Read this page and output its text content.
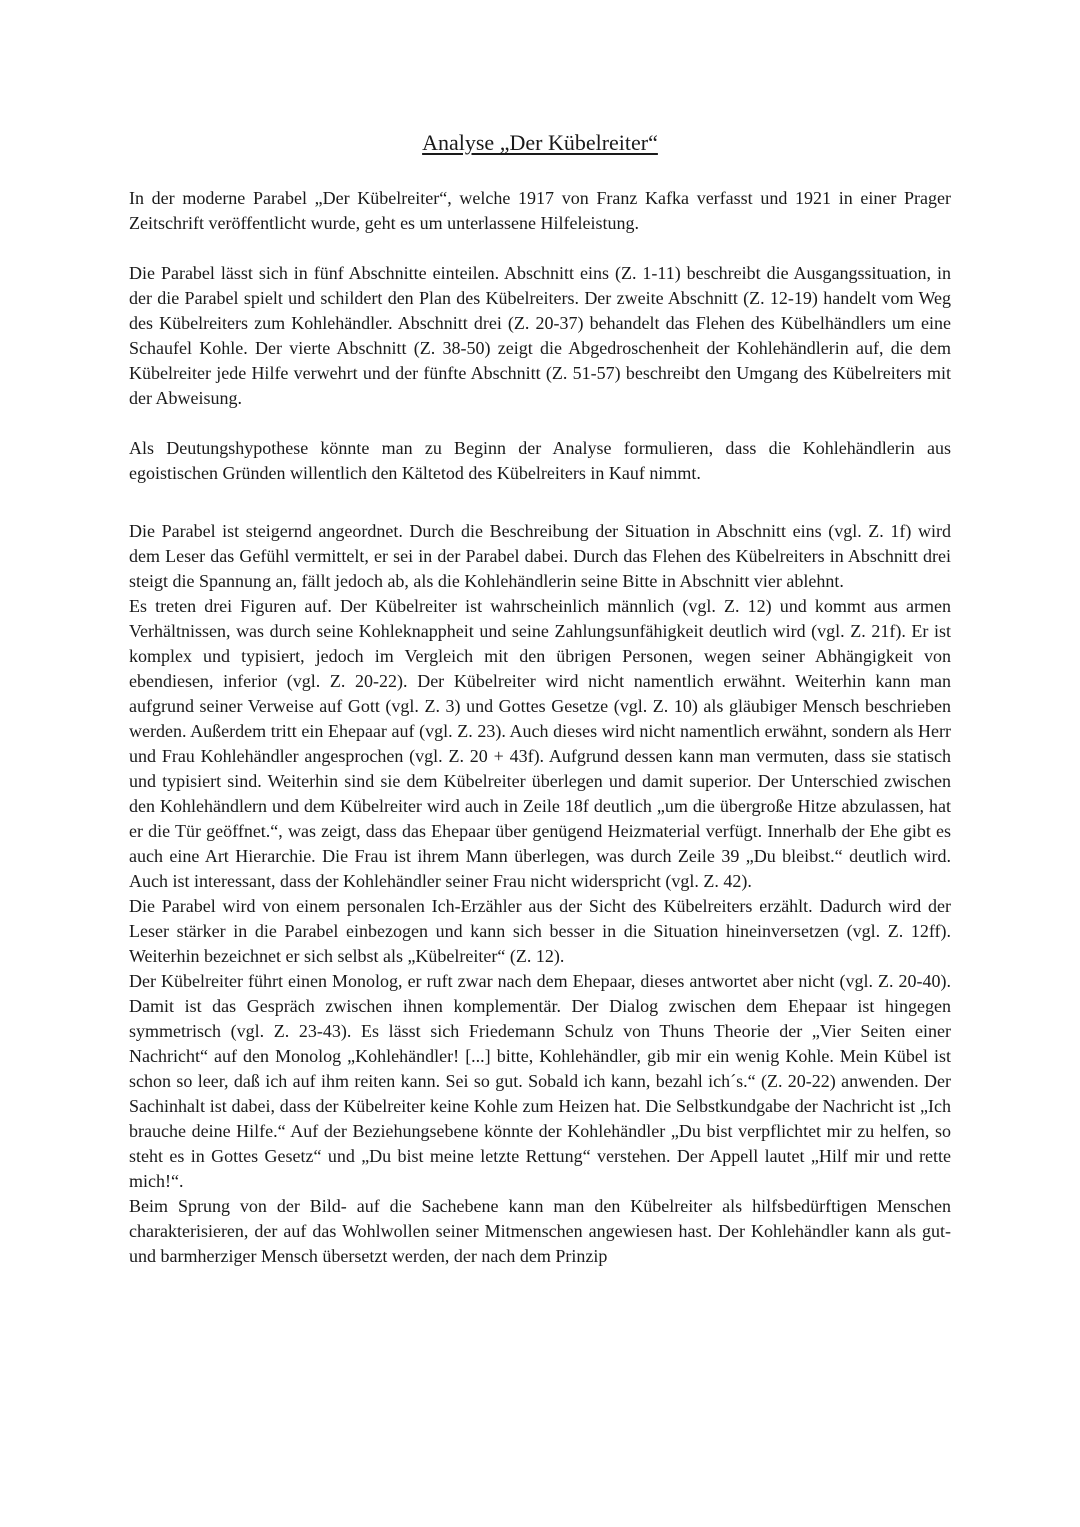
Analyse „Der Kübelreiter“

In der moderne Parabel „Der Kübelreiter“, welche 1917 von Franz Kafka verfasst und 1921 in einer Prager Zeitschrift veröffentlicht wurde, geht es um unterlassene Hilfeleistung.

Die Parabel lässt sich in fünf Abschnitte einteilen. Abschnitt eins (Z. 1-11) beschreibt die Ausgangssituation, in der die Parabel spielt und schildert den Plan des Kübelreiters. Der zweite Abschnitt (Z. 12-19) handelt vom Weg des Kübelreiters zum Kohlehändler. Abschnitt drei (Z. 20-37) behandelt das Flehen des Kübelhändlers um eine Schaufel Kohle. Der vierte Abschnitt (Z. 38-50) zeigt die Abgedroschenheit der Kohlehändlerin auf, die dem Kübelreiter jede Hilfe verwehrt und der fünfte Abschnitt (Z. 51-57) beschreibt den Umgang des Kübelreiters mit der Abweisung.

Als Deutungshypothese könnte man zu Beginn der Analyse formulieren, dass die Kohlehändlerin aus egoistischen Gründen willentlich den Kältetod des Kübelreiters in Kauf nimmt.

Die Parabel ist steigernd angeordnet. Durch die Beschreibung der Situation in Abschnitt eins (vgl. Z. 1f) wird dem Leser das Gefühl vermittelt, er sei in der Parabel dabei. Durch das Flehen des Kübelreiters in Abschnitt drei steigt die Spannung an, fällt jedoch ab, als die Kohlehändlerin seine Bitte in Abschnitt vier ablehnt.

Es treten drei Figuren auf. Der Kübelreiter ist wahrscheinlich männlich (vgl. Z. 12) und kommt aus armen Verhältnissen, was durch seine Kohleknappheit und seine Zahlungsunfähigkeit deutlich wird (vgl. Z. 21f). Er ist komplex und typisiert, jedoch im Vergleich mit den übrigen Personen, wegen seiner Abhängigkeit von ebendiesen, inferior (vgl. Z. 20-22). Der Kübelreiter wird nicht namentlich erwähnt. Weiterhin kann man aufgrund seiner Verweise auf Gott (vgl. Z. 3) und Gottes Gesetze (vgl. Z. 10) als gläubiger Mensch beschrieben werden. Außerdem tritt ein Ehepaar auf (vgl. Z. 23). Auch dieses wird nicht namentlich erwähnt, sondern als Herr und Frau Kohlehändler angesprochen (vgl. Z. 20 + 43f). Aufgrund dessen kann man vermuten, dass sie statisch und typisiert sind. Weiterhin sind sie dem Kübelreiter überlegen und damit superior. Der Unterschied zwischen den Kohlehändlern und dem Kübelreiter wird auch in Zeile 18f deutlich „um die übergroße Hitze abzulassen, hat er die Tür geöffnet.“, was zeigt, dass das Ehepaar über genügend Heizmaterial verfügt. Innerhalb der Ehe gibt es auch eine Art Hierarchie. Die Frau ist ihrem Mann überlegen, was durch Zeile 39 „Du bleibst.“ deutlich wird. Auch ist interessant, dass der Kohlehändler seiner Frau nicht widerspricht (vgl. Z. 42).

Die Parabel wird von einem personalen Ich-Erzähler aus der Sicht des Kübelreiters erzählt. Dadurch wird der Leser stärker in die Parabel einbezogen und kann sich besser in die Situation hineinversetzen (vgl. Z. 12ff). Weiterhin bezeichnet er sich selbst als „Kübelreiter“ (Z. 12).

Der Kübelreiter führt einen Monolog, er ruft zwar nach dem Ehepaar, dieses antwortet aber nicht (vgl. Z. 20-40). Damit ist das Gespräch zwischen ihnen komplementär. Der Dialog zwischen dem Ehepaar ist hingegen symmetrisch (vgl. Z. 23-43). Es lässt sich Friedemann Schulz von Thuns Theorie der „Vier Seiten einer Nachricht“ auf den Monolog „Kohlehändler! [...] bitte, Kohlehändler, gib mir ein wenig Kohle. Mein Kübel ist schon so leer, daß ich auf ihm reiten kann. Sei so gut. Sobald ich kann, bezahl ich´s.“ (Z. 20-22) anwenden. Der Sachinhalt ist dabei, dass der Kübelreiter keine Kohle zum Heizen hat. Die Selbstkundgabe der Nachricht ist „Ich brauche deine Hilfe.“ Auf der Beziehungsebene könnte der Kohlehändler „Du bist verpflichtet mir zu helfen, so steht es in Gottes Gesetz“ und „Du bist meine letzte Rettung“ verstehen. Der Appell lautet „Hilf mir und rette mich!“.

Beim Sprung von der Bild- auf die Sachebene kann man den Kübelreiter als hilfsbedürftigen Menschen charakterisieren, der auf das Wohlwollen seiner Mitmenschen angewiesen hast. Der Kohlehändler kann als gut- und barmherziger Mensch übersetzt werden, der nach dem Prinzip
